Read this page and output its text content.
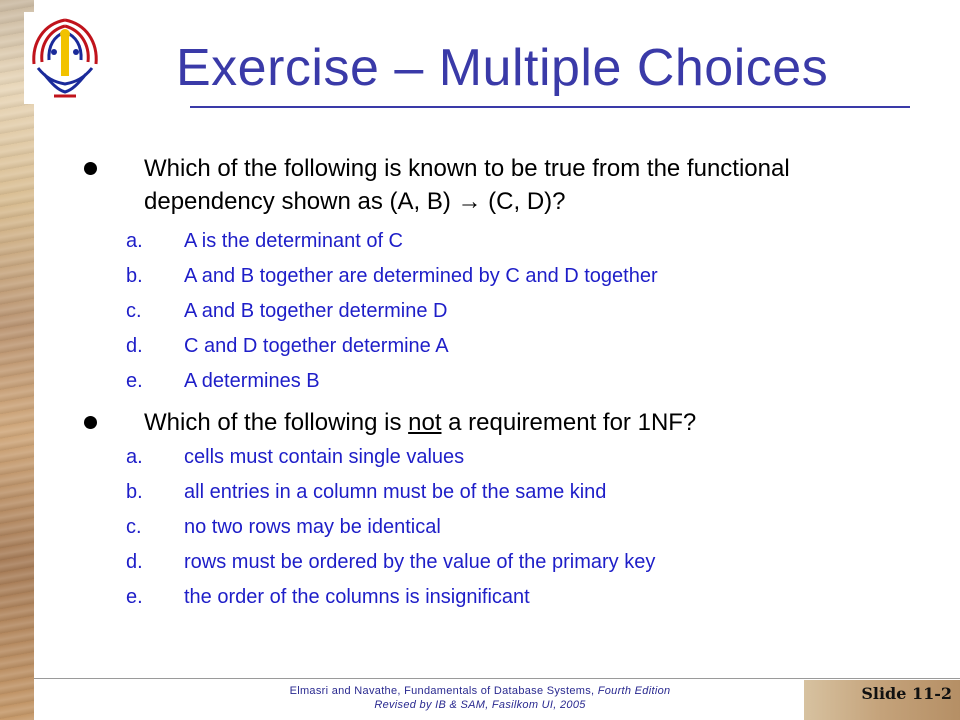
Exercise – Multiple Choices
Which of the following is known to be true from the functional dependency shown as (A, B) → (C, D)?
a. A is the determinant of C
b. A and B together are determined by C and D together
c. A and B together determine D
d. C and D together determine A
e. A determines B
Which of the following is not a requirement for 1NF?
a. cells must contain single values
b. all entries in a column must be of the same kind
c. no two rows may be identical
d. rows must be ordered by the value of the primary key
e. the order of the columns is insignificant
Elmasri and Navathe, Fundamentals of Database Systems, Fourth Edition
Revised by IB & SAM, Fasilkom UI, 2005
Slide 11-2
